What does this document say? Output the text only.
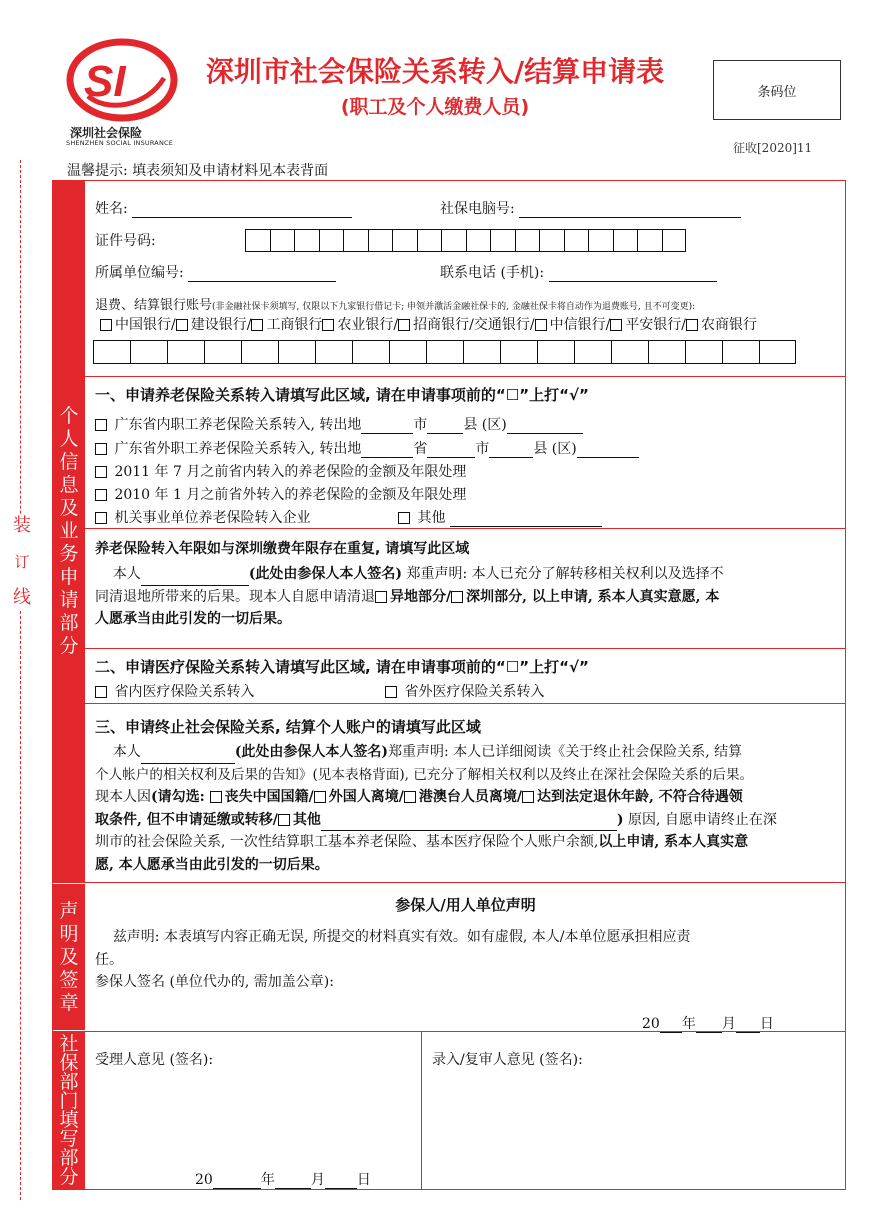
SI
深圳社会保险
SHENZHEN SOCIAL INSURANCE
深圳市社会保险关系转入/结算申请表
(职工及个人缴费人员)
条码位
征收[2020]11
温馨提示: 填表须知及申请材料见本表背面
装
订
线
个
人
信
息
及
业
务
申
请
部
分
声
明
及
签
章
社
保
部
门
填
写
部
分
姓名:	社保电脑号:
证件号码:
所属单位编号:	联系电话 (手机):
退费、结算银行账号(非金融社保卡须填写, 仅限以下九家银行借记卡; 申领并激活金融社保卡的, 金融社保卡将自动作为退费账号, 且不可变更):
中国银行/ 建设银行/ 工商银行 农业银行/ 招商银行/交通银行/ 中信银行/ 平安银行/ 农商银行
一、申请养老保险关系转入请填写此区域, 请在申请事项前的“☐”上打“√”
广东省内职工养老保险关系转入, 转出地	市	县 (区)
广东省外职工养老保险关系转入, 转出地	省	市	县 (区)
2011 年 7 月之前省内转入的养老保险的金额及年限处理
2010 年 1 月之前省外转入的养老保险的金额及年限处理
机关事业单位养老保险转入企业	其他
养老保险转入年限如与深圳缴费年限存在重复, 请填写此区域
本人	(此处由参保人本人签名) 郑重声明: 本人已充分了解转移相关权利以及选择不
同清退地所带来的后果。现本人自愿申请清退 异地部分/ 深圳部分, 以上申请, 系本人真实意愿, 本
人愿承当由此引发的一切后果。
二、申请医疗保险关系转入请填写此区域, 请在申请事项前的“☐”上打“√”
省内医疗保险关系转入	省外医疗保险关系转入
三、申请终止社会保险关系, 结算个人账户的请填写此区域
本人	(此处由参保人本人签名)郑重声明: 本人已详细阅读《关于终止社会保险关系, 结算
个人帐户的相关权利及后果的告知》(见本表格背面), 已充分了解相关权利以及终止在深社会保险关系的后果。
现本人因(请勾选: 丧失中国国籍/ 外国人离境/ 港澳台人员离境/ 达到法定退休年龄, 不符合待遇领
取条件, 但不申请延缴或转移/ 其他	) 原因, 自愿申请终止在深
圳市的社会保险关系, 一次性结算职工基本养老保险、基本医疗保险个人账户余额,以上申请, 系本人真实意
愿, 本人愿承当由此引发的一切后果。
参保人/用人单位声明
兹声明: 本表填写内容正确无误, 所提交的材料真实有效。如有虚假, 本人/本单位愿承担相应责
任。
参保人签名 (单位代办的, 需加盖公章):
20 年 月 日
受理人意见 (签名):	录入/复审人意见 (签名):
20	年	月 日
